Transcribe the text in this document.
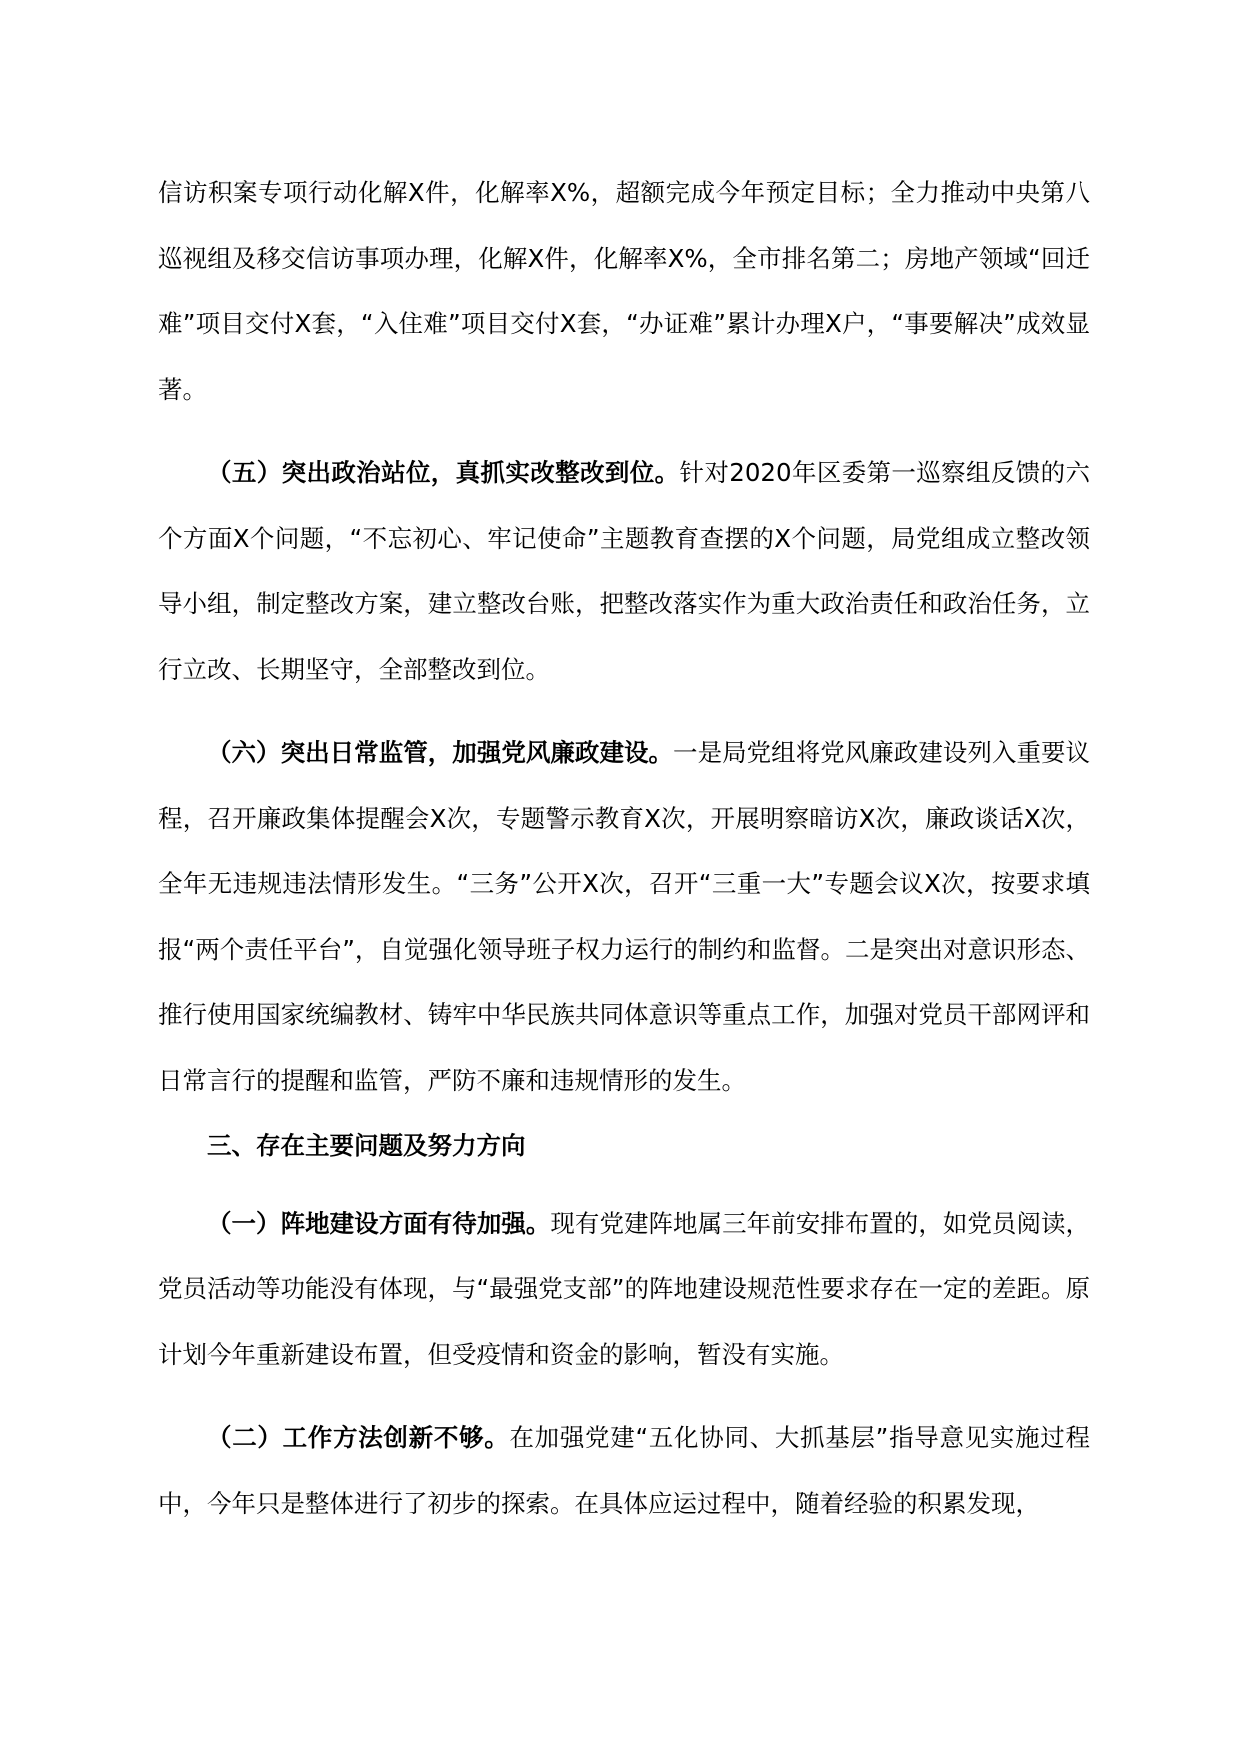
信访积案专项行动化解X件，化解率X%，超额完成今年预定目标；全力推动中央第八巡视组及移交信访事项办理，化解X件，化解率X%，全市排名第二；房地产领域“回迁难”项目交付X套，“入住难”项目交付X套，“办证难”累计办理X户，“事要解决”成效显著。

（五）突出政治站位，真抓实改整改到位。针对2020年区委第一巡察组反馈的六个方面X个问题，“不忘初心、牢记使命”主题教育查摆的X个问题，局党组成立整改领导小组，制定整改方案，建立整改台账，把整改落实作为重大政治责任和政治任务，立行立改、长期坚守，全部整改到位。

（六）突出日常监管，加强党风廉政建设。一是局党组将党风廉政建设列入重要议程，召开廉政集体提醒会X次，专题警示教育X次，开展明察暗访X次，廉政谈话X次，全年无违规违法情形发生。“三务”公开X次，召开“三重一大”专题会议X次，按要求填报“两个责任平台”，自觉强化领导班子权力运行的制约和监督。二是突出对意识形态、推行使用国家统编教材、铸牢中华民族共同体意识等重点工作，加强对党员干部网评和日常言行的提醒和监管，严防不廉和违规情形的发生。

三、存在主要问题及努力方向

（一）阵地建设方面有待加强。现有党建阵地属三年前安排布置的，如党员阅读，党员活动等功能没有体现，与“最强党支部”的阵地建设规范性要求存在一定的差距。原计划今年重新建设布置，但受疫情和资金的影响，暂没有实施。

（二）工作方法创新不够。在加强党建“五化协同、大抓基层”指导意见实施过程中，今年只是整体进行了初步的探索。在具体应运过程中，随着经验的积累发现，
